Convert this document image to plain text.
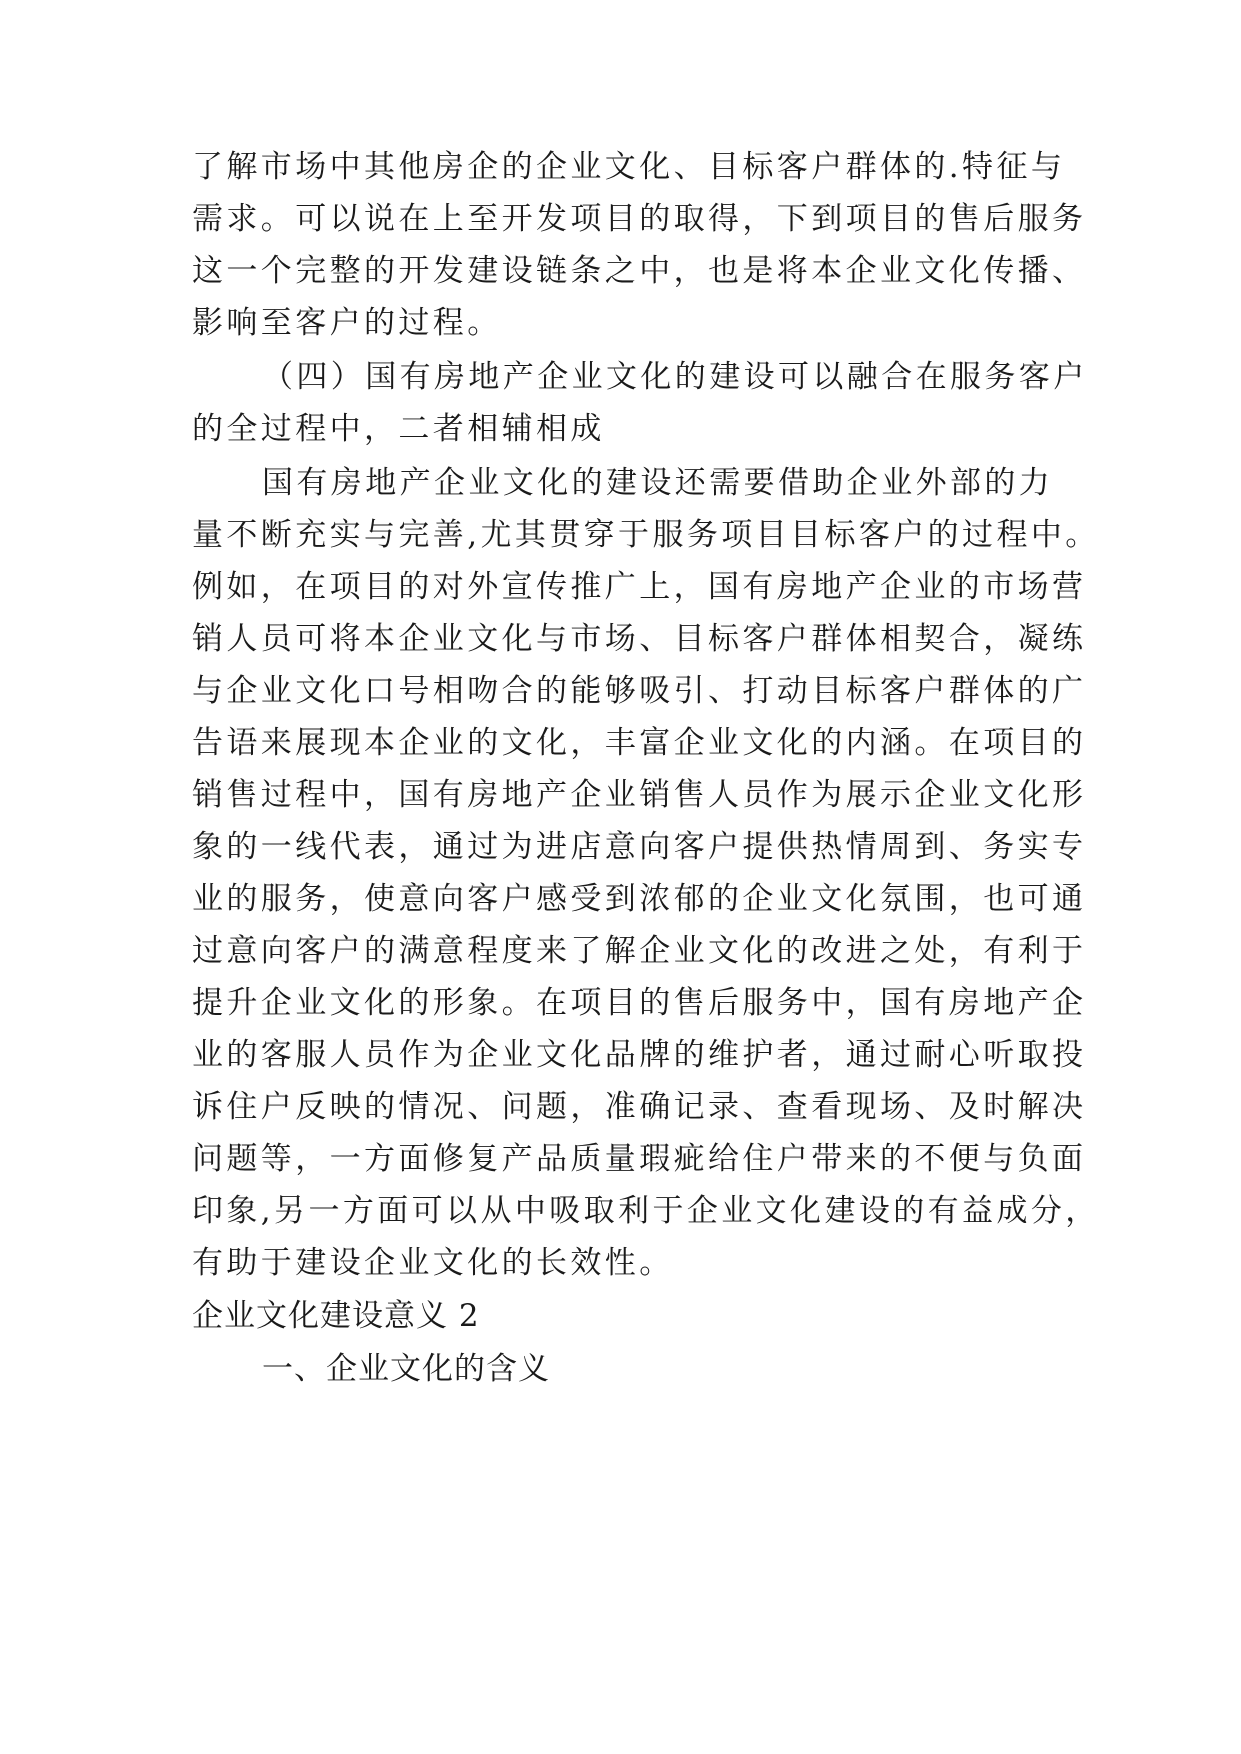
了解市场中其他房企的企业文化、目标客户群体的.特征与
需求。可以说在上至开发项目的取得，下到项目的售后服务
这一个完整的开发建设链条之中，也是将本企业文化传播、
影响至客户的过程。
（四）国有房地产企业文化的建设可以融合在服务客户
的全过程中，二者相辅相成
国有房地产企业文化的建设还需要借助企业外部的力
量不断充实与完善,尤其贯穿于服务项目目标客户的过程中。
例如，在项目的对外宣传推广上，国有房地产企业的市场营
销人员可将本企业文化与市场、目标客户群体相契合，凝练
与企业文化口号相吻合的能够吸引、打动目标客户群体的广
告语来展现本企业的文化，丰富企业文化的内涵。在项目的
销售过程中，国有房地产企业销售人员作为展示企业文化形
象的一线代表，通过为进店意向客户提供热情周到、务实专
业的服务，使意向客户感受到浓郁的企业文化氛围，也可通
过意向客户的满意程度来了解企业文化的改进之处，有利于
提升企业文化的形象。在项目的售后服务中，国有房地产企
业的客服人员作为企业文化品牌的维护者，通过耐心听取投
诉住户反映的情况、问题，准确记录、查看现场、及时解决
问题等，一方面修复产品质量瑕疵给住户带来的不便与负面
印象,另一方面可以从中吸取利于企业文化建设的有益成分，
有助于建设企业文化的长效性。
企业文化建设意义 2
一、企业文化的含义
